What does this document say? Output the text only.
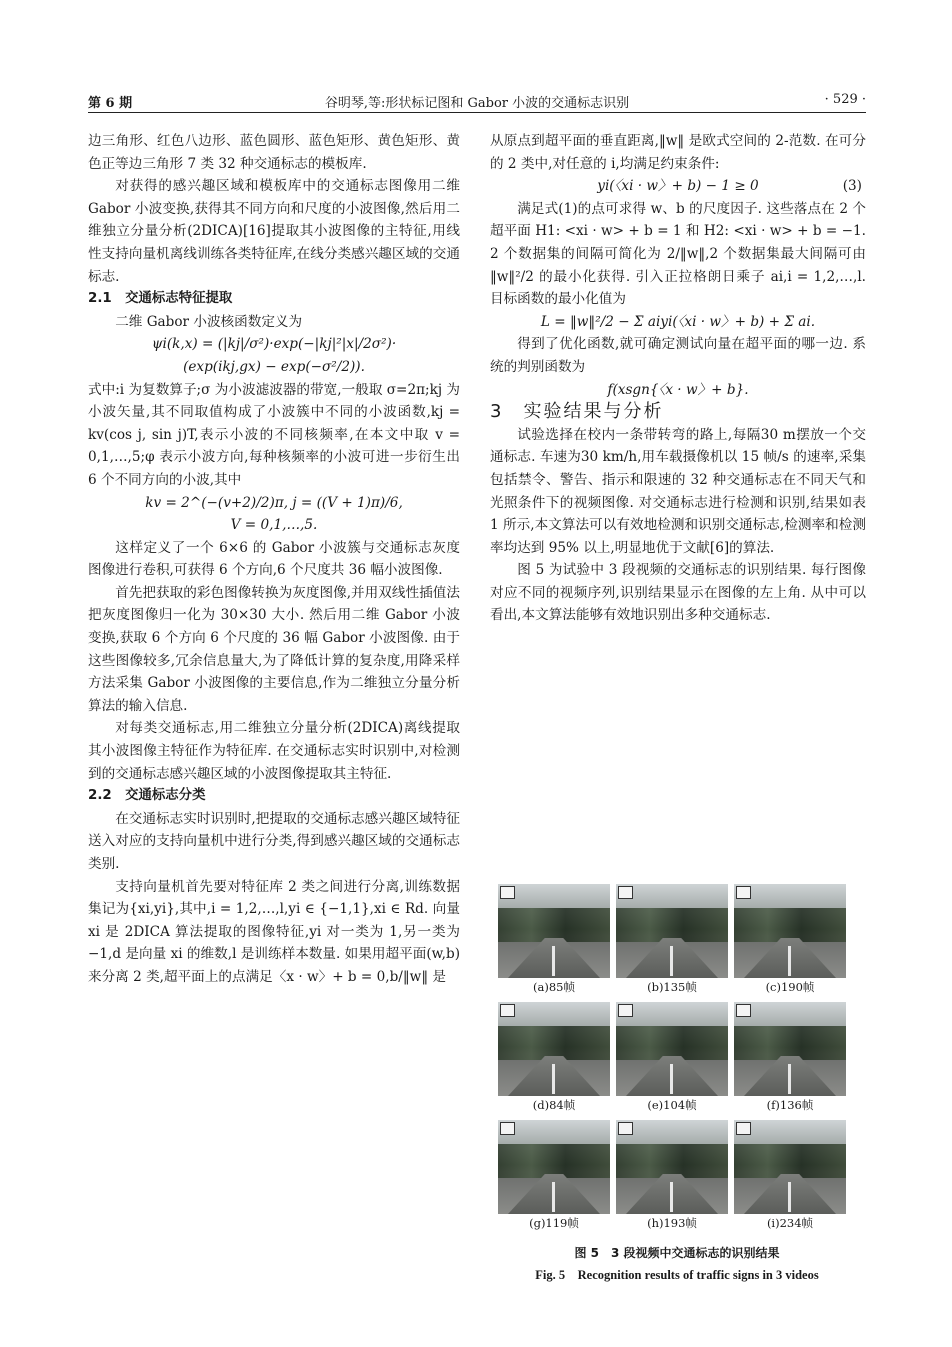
第 6 期	谷明琴,等:形状标记图和 Gabor 小波的交通标志识别	· 529 ·

边三角形、红色八边形、蓝色圆形、蓝色矩形、黄色矩形、黄色正等边三角形 7 类 32 种交通标志的模板库.

对获得的感兴趣区域和模板库中的交通标志图像用二维 Gabor 小波变换,获得其不同方向和尺度的小波图像,然后用二维独立分量分析(2DICA)[16]提取其小波图像的主特征,用线性支持向量机离线训练各类特征库,在线分类感兴趣区域的交通标志.

2.1　交通标志特征提取

二维 Gabor 小波核函数定义为

ψi(k,x) = (|kj|/σ²)·exp(−|kj|²|x|/2σ²)·

(exp(ikj,gx) − exp(−σ²/2)).

式中:i 为复数算子;σ 为小波滤波器的带宽,一般取 σ=2π;kj 为小波矢量,其不同取值构成了小波簇中不同的小波函数,kj = kv(cos j, sin j)T,表示小波的不同核频率,在本文中取 v = 0,1,…,5;φ 表示小波方向,每种核频率的小波可进一步衍生出 6 个不同方向的小波,其中

kv = 2^(−(v+2)/2)π, j = ((V + 1)π)/6,

V = 0,1,…,5.

这样定义了一个 6×6 的 Gabor 小波簇与交通标志灰度图像进行卷积,可获得 6 个方向,6 个尺度共 36 幅小波图像.

首先把获取的彩色图像转换为灰度图像,并用双线性插值法把灰度图像归一化为 30×30 大小. 然后用二维 Gabor 小波变换,获取 6 个方向 6 个尺度的 36 幅 Gabor 小波图像. 由于这些图像较多,冗余信息量大,为了降低计算的复杂度,用降采样方法采集 Gabor 小波图像的主要信息,作为二维独立分量分析算法的输入信息.

对每类交通标志,用二维独立分量分析(2DICA)离线提取其小波图像主特征作为特征库. 在交通标志实时识别中,对检测到的交通标志感兴趣区域的小波图像提取其主特征.

2.2　交通标志分类

在交通标志实时识别时,把提取的交通标志感兴趣区域特征送入对应的支持向量机中进行分类,得到感兴趣区域的交通标志类别.

支持向量机首先要对特征库 2 类之间进行分离,训练数据集记为{xi,yi},其中,i = 1,2,…,l,yi ∈ {−1,1},xi ∈ Rd. 向量 xi 是 2DICA 算法提取的图像特征,yi 对一类为 1,另一类为 −1,d 是向量 xi 的维数,l 是训练样本数量. 如果用超平面(w,b)来分离 2 类,超平面上的点满足〈x · w〉+ b = 0,b/‖w‖ 是

从原点到超平面的垂直距离,‖w‖ 是欧式空间的 2-范数. 在可分的 2 类中,对任意的 i,均满足约束条件:

yi(〈xi · w〉+ b) − 1 ≥ 0	(3)

满足式(1)的点可求得 w、b 的尺度因子. 这些落点在 2 个超平面 H1: <xi · w> + b = 1 和 H2: <xi · w> + b = −1. 2 个数据集的间隔可简化为 2/‖w‖,2 个数据集最大间隔可由 ‖w‖²/2 的最小化获得. 引入正拉格朗日乘子 ai,i = 1,2,…,l. 目标函数的最小化值为

L = ‖w‖²/2 − Σ aiyi(〈xi · w〉+ b) + Σ ai.

得到了优化函数,就可确定测试向量在超平面的哪一边. 系统的判别函数为

f(xsgn{〈x · w〉+ b}.

3　实验结果与分析

试验选择在校内一条带转弯的路上,每隔30 m摆放一个交通标志. 车速为30 km/h,用车载摄像机以 15 帧/s 的速率,采集包括禁令、警告、指示和限速的 32 种交通标志在不同天气和光照条件下的视频图像. 对交通标志进行检测和识别,结果如表 1 所示,本文算法可以有效地检测和识别交通标志,检测率和检测率均达到 95% 以上,明显地优于文献[6]的算法.

图 5 为试验中 3 段视频的交通标志的识别结果. 每行图像对应不同的视频序列,识别结果显示在图像的左上角. 从中可以看出,本文算法能够有效地识别出多种交通标志.

(a)85帧	(b)135帧	(c)190帧
(d)84帧	(e)104帧	(f)136帧
(g)119帧	(h)193帧	(i)234帧
图 5　3 段视频中交通标志的识别结果
Fig. 5　Recognition results of traffic signs in 3 videos
